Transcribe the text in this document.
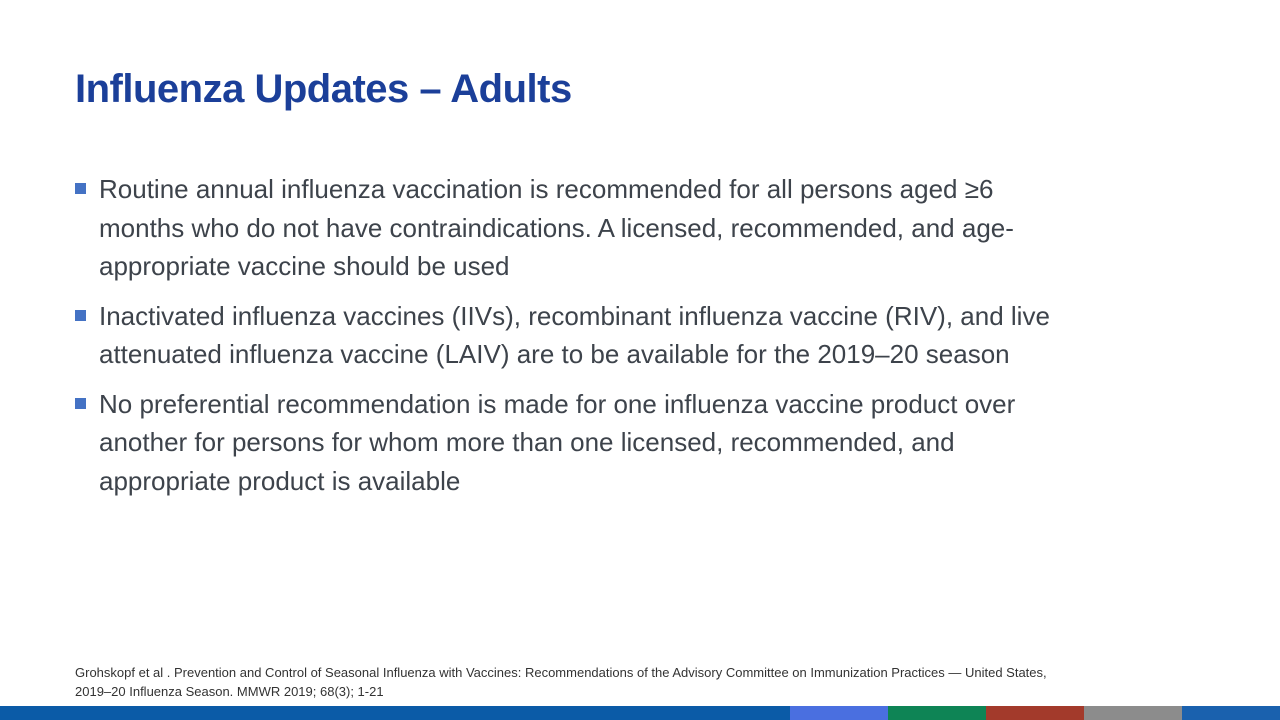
Influenza Updates – Adults
Routine annual influenza vaccination is recommended for all persons aged ≥6
months who do not have contraindications. A licensed, recommended, and age-
appropriate vaccine should be used
Inactivated influenza vaccines (IIVs), recombinant influenza vaccine (RIV), and live
attenuated influenza vaccine (LAIV) are to be available for the 2019–20 season
No preferential recommendation is made for one influenza vaccine product over
another for persons for whom more than one licensed, recommended, and
appropriate product is available
Grohskopf et al . Prevention and Control of Seasonal Influenza with Vaccines: Recommendations of the Advisory Committee on Immunization Practices — United States,
2019–20 Influenza Season. MMWR 2019; 68(3); 1-21
